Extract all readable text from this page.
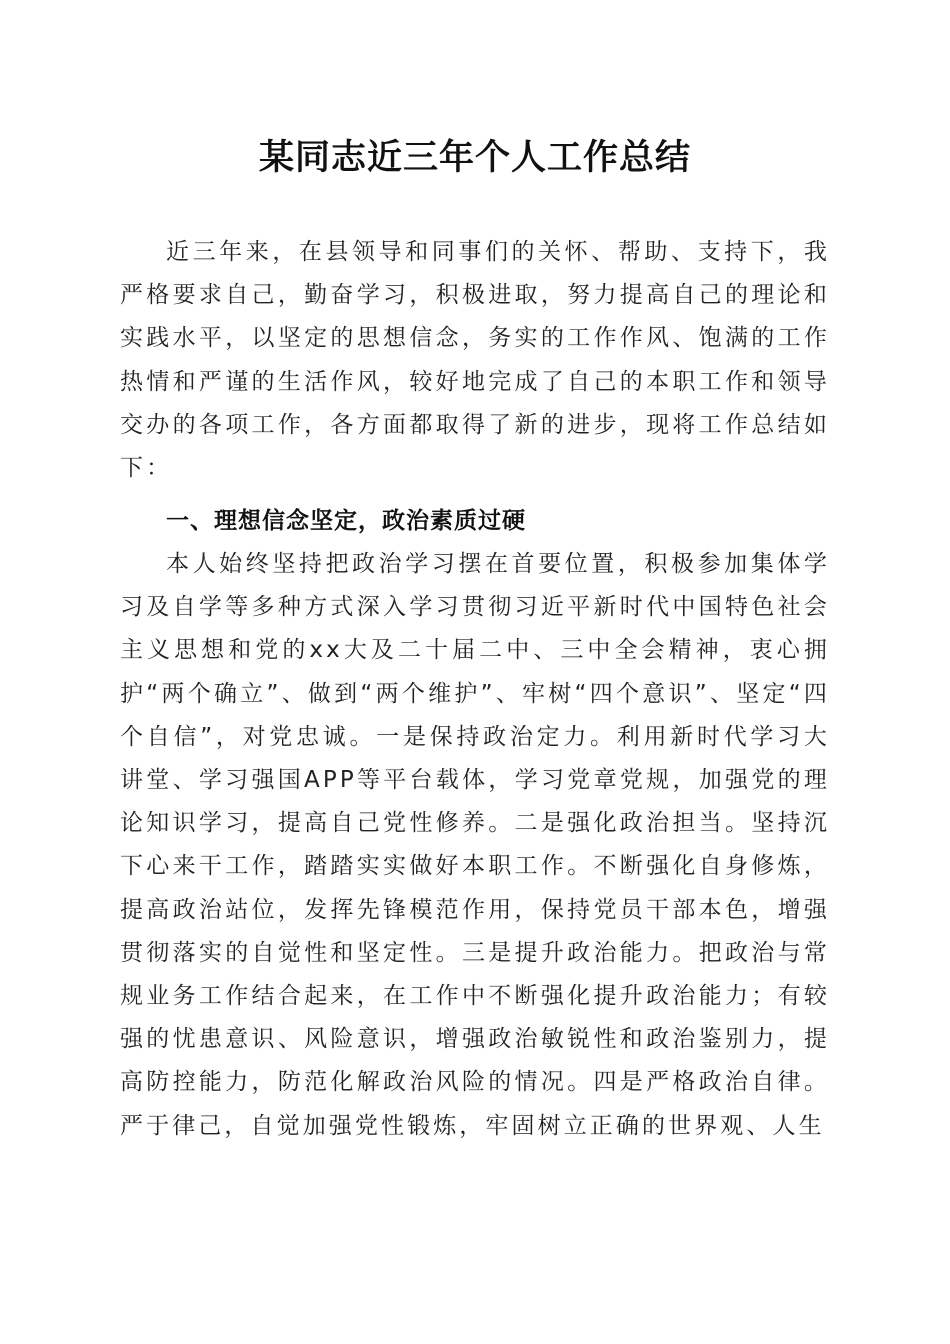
某同志近三年个人工作总结

近三年来，在县领导和同事们的关怀、帮助、支持下，我严格要求自己，勤奋学习，积极进取，努力提高自己的理论和实践水平，以坚定的思想信念，务实的工作作风、饱满的工作热情和严谨的生活作风，较好地完成了自己的本职工作和领导交办的各项工作，各方面都取得了新的进步，现将工作总结如下：

一、理想信念坚定，政治素质过硬

本人始终坚持把政治学习摆在首要位置，积极参加集体学习及自学等多种方式深入学习贯彻习近平新时代中国特色社会主义思想和党的xx大及二十届二中、三中全会精神，衷心拥护“两个确立”、做到“两个维护”、牢树“四个意识”、坚定“四个自信”，对党忠诚。一是保持政治定力。利用新时代学习大讲堂、学习强国APP等平台载体，学习党章党规，加强党的理论知识学习，提高自己党性修养。二是强化政治担当。坚持沉下心来干工作，踏踏实实做好本职工作。不断强化自身修炼，提高政治站位，发挥先锋模范作用，保持党员干部本色，增强贯彻落实的自觉性和坚定性。三是提升政治能力。把政治与常规业务工作结合起来，在工作中不断强化提升政治能力；有较强的忧患意识、风险意识，增强政治敏锐性和政治鉴别力，提高防控能力，防范化解政治风险的情况。四是严格政治自律。严于律己，自觉加强党性锻炼，牢固树立正确的世界观、人生
